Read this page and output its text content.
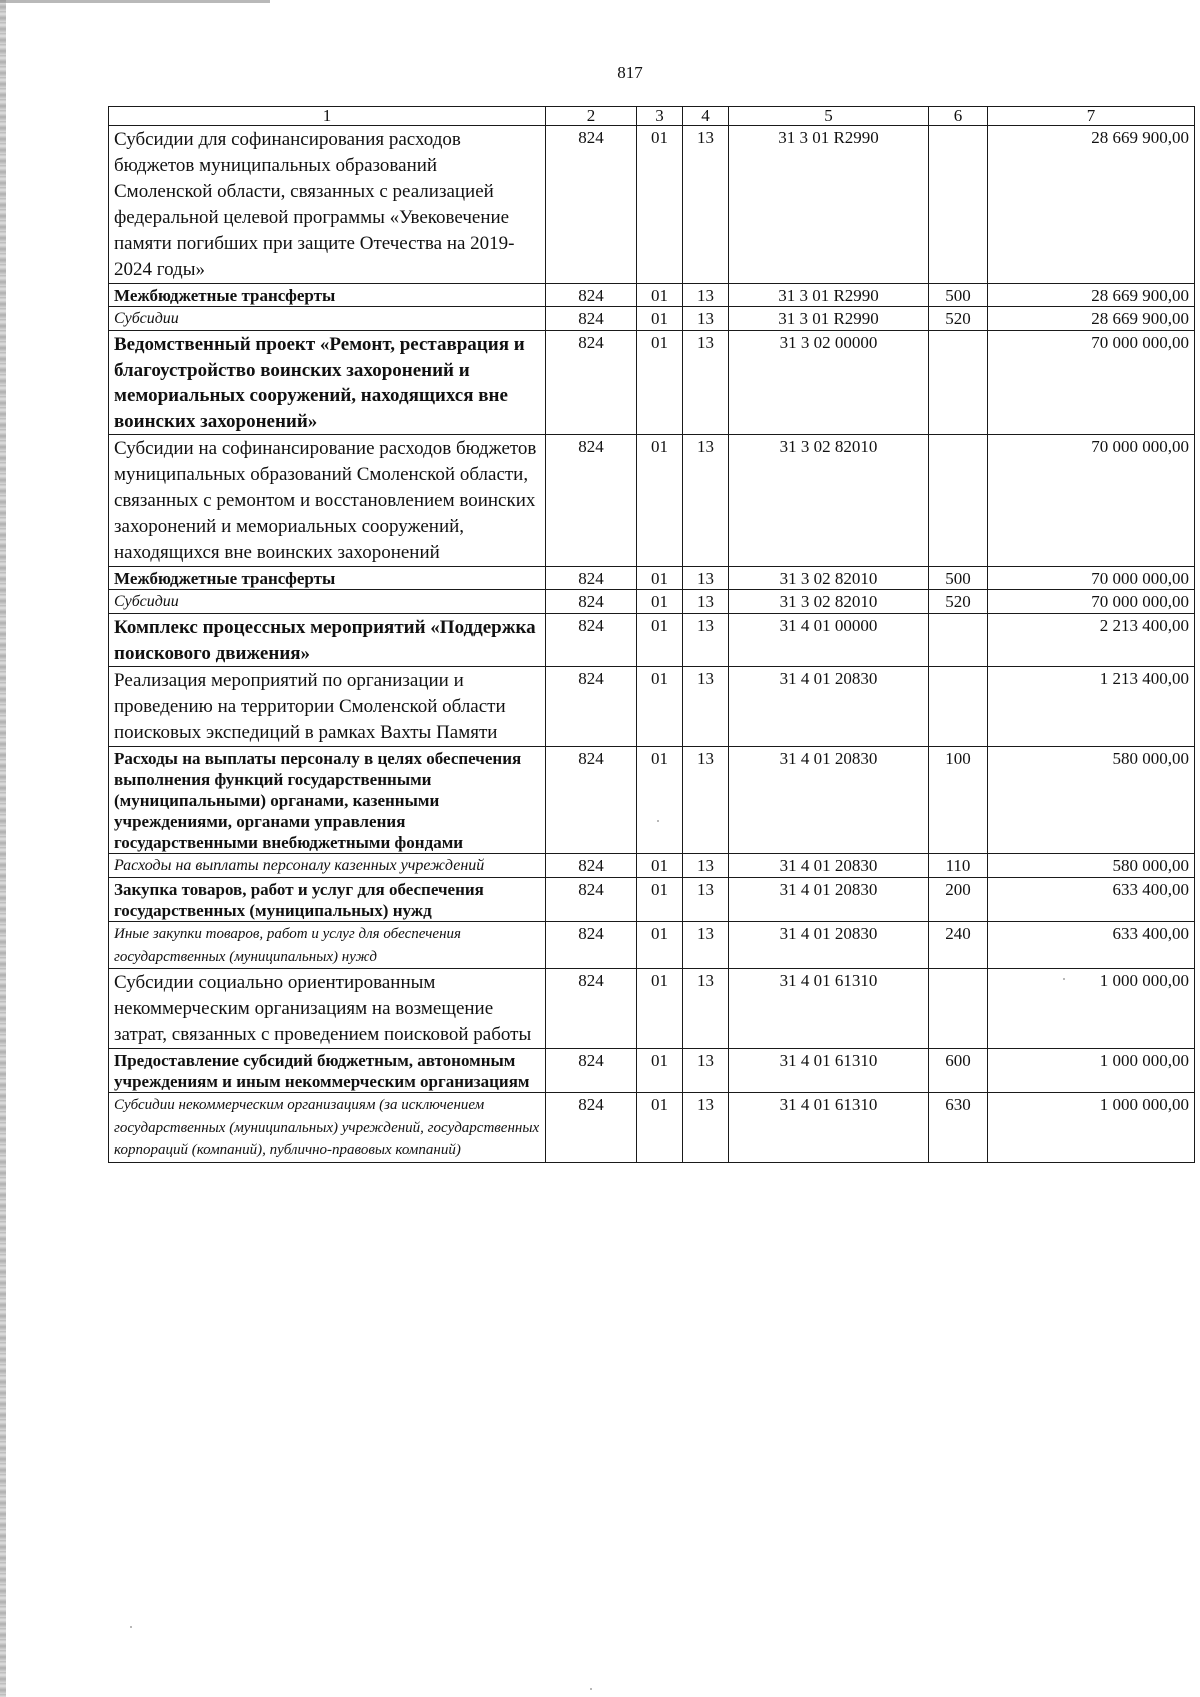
817
1	2	3	4	5	6	7
Субсидии для софинансирования расходов бюджетов муниципальных образований Смоленской области, связанных с реализацией федеральной целевой программы «Увековечение памяти погибших при защите Отечества на 2019-2024 годы»	824	01	13	31 3 01 R2990		28 669 900,00
Межбюджетные трансферты	824	01	13	31 3 01 R2990	500	28 669 900,00
Субсидии	824	01	13	31 3 01 R2990	520	28 669 900,00
Ведомственный проект «Ремонт, реставрация и благоустройство воинских захоронений и мемориальных сооружений, находящихся вне воинских захоронений»	824	01	13	31 3 02 00000		70 000 000,00
Субсидии на софинансирование расходов бюджетов муниципальных образований Смоленской области, связанных с ремонтом и восстановлением воинских захоронений и мемориальных сооружений, находящихся вне воинских захоронений	824	01	13	31 3 02 82010		70 000 000,00
Межбюджетные трансферты	824	01	13	31 3 02 82010	500	70 000 000,00
Субсидии	824	01	13	31 3 02 82010	520	70 000 000,00
Комплекс процессных мероприятий «Поддержка поискового движения»	824	01	13	31 4 01 00000		2 213 400,00
Реализация мероприятий по организации и проведению на территории Смоленской области поисковых экспедиций в рамках Вахты Памяти	824	01	13	31 4 01 20830		1 213 400,00
Расходы на выплаты персоналу в целях обеспечения выполнения функций государственными (муниципальными) органами, казенными учреждениями, органами управления государственными внебюджетными фондами	824	01	13	31 4 01 20830	100	580 000,00
Расходы на выплаты персоналу казенных учреждений	824	01	13	31 4 01 20830	110	580 000,00
Закупка товаров, работ и услуг для обеспечения государственных (муниципальных) нужд	824	01	13	31 4 01 20830	200	633 400,00
Иные закупки товаров, работ и услуг для обеспечения государственных (муниципальных) нужд	824	01	13	31 4 01 20830	240	633 400,00
Субсидии социально ориентированным некоммерческим организациям на возмещение затрат, связанных с проведением поисковой работы	824	01	13	31 4 01 61310		1 000 000,00
Предоставление субсидий бюджетным, автономным учреждениям и иным некоммерческим организациям	824	01	13	31 4 01 61310	600	1 000 000,00
Субсидии некоммерческим организациям (за исключением государственных (муниципальных) учреждений, государственных корпораций (компаний), публично-правовых компаний)	824	01	13	31 4 01 61310	630	1 000 000,00
